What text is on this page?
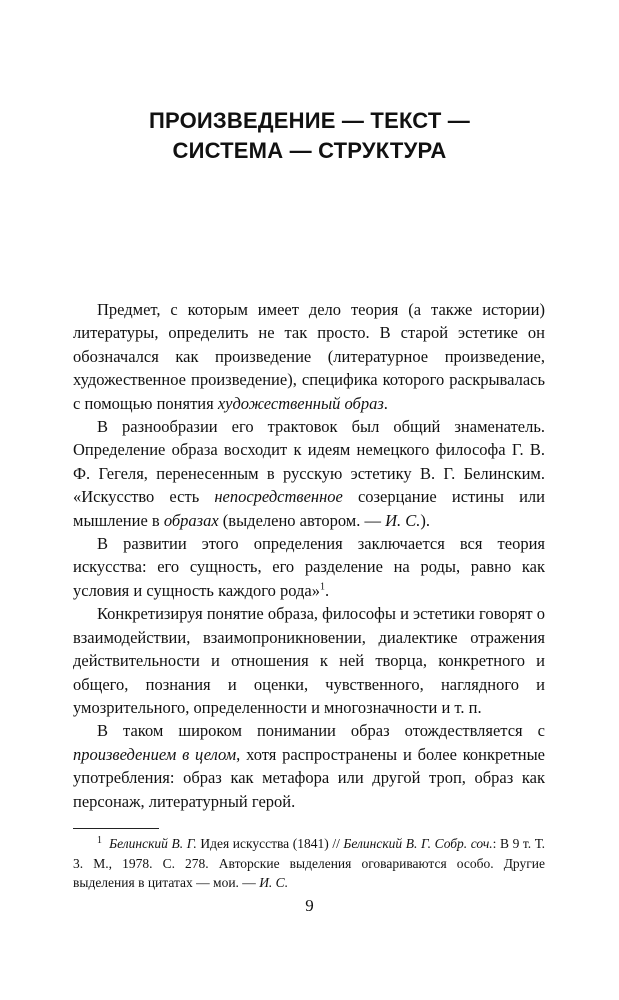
ПРОИЗВЕДЕНИЕ — ТЕКСТ —
СИСТЕМА — СТРУКТУРА

Предмет, с которым имеет дело теория (а также истории) литературы, определить не так просто. В старой эстетике он обозначался как произведение (литературное произведение, художественное произведение), специфика которого раскрывалась с помощью понятия художественный образ.

В разнообразии его трактовок был общий знаменатель. Определение образа восходит к идеям немецкого философа Г. В. Ф. Гегеля, перенесенным в русскую эстетику В. Г. Белинским. «Искусство есть непосредственное созерцание истины или мышление в образах (выделено автором. — И. С.).

В развитии этого определения заключается вся теория искусства: его сущность, его разделение на роды, равно как условия и сущность каждого рода»$^1$.

Конкретизируя понятие образа, философы и эстетики говорят о взаимодействии, взаимопроникновении, диалектике отражения действительности и отношения к ней творца, конкретного и общего, познания и оценки, чувственного, наглядного и умозрительного, определенности и многозначности и т. п.

В таком широком понимании образ отождествляется с произведением в целом, хотя распространены и более конкретные употребления: образ как метафора или другой троп, образ как персонаж, литературный герой.

$^1$ Белинский В. Г. Идея искусства (1841) // Белинский В. Г. Собр. соч.: В 9 т. Т. 3. М., 1978. С. 278. Авторские выделения оговариваются особо. Другие выделения в цитатах — мои. — И. С.

9
